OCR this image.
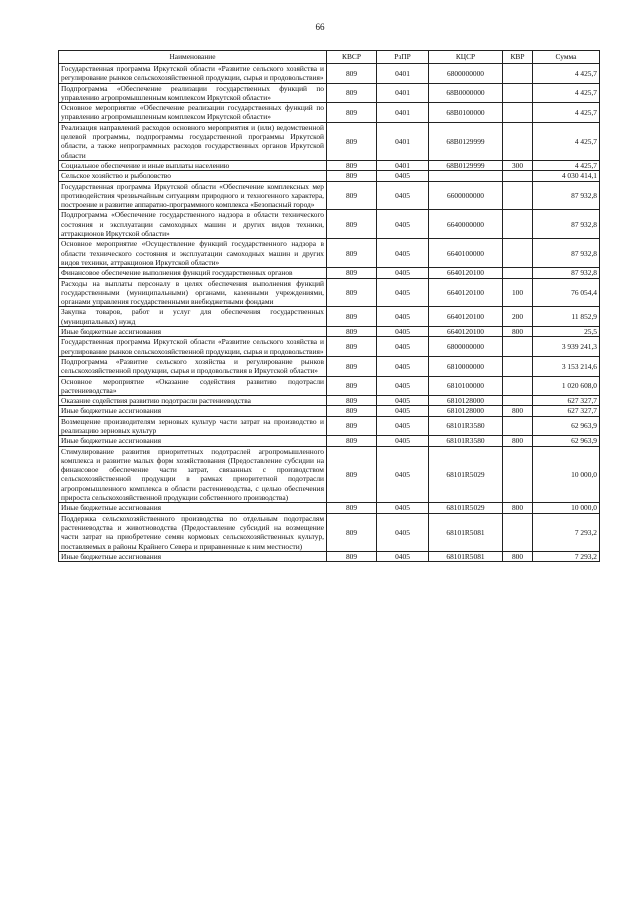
66
Наименование	КВСР	РзПР	КЦСР	КВР	Сумма
Государственная программа Иркутской области «Развитие сельского хозяйства и регулирование рынков сельскохозяйственной продукции, сырья и продовольствия»	809	0401	6800000000		4 425,7
Подпрограмма «Обеспечение реализации государственных функций по управлению агропромышленным комплексом Иркутской области»	809	0401	68B0000000		4 425,7
Основное мероприятие «Обеспечение реализации государственных функций по управлению агропромышленным комплексом Иркутской области»	809	0401	68B0100000		4 425,7
Реализация направлений расходов основного мероприятия и (или) ведомственной целевой программы, подпрограммы государственной программы Иркутской области, а также непрограммных расходов государственных органов Иркутской области	809	0401	68B0129999		4 425,7
Социальное обеспечение и иные выплаты населению	809	0401	68B0129999	300	4 425,7
Сельское хозяйство и рыболовство	809	0405			4 030 414,1
Государственная программа Иркутской области «Обеспечение комплексных мер противодействия чрезвычайным ситуациям природного и техногенного характера, построение и развитие аппаратно-программного комплекса «Безопасный город»	809	0405	6600000000		87 932,8
Подпрограмма «Обеспечение государственного надзора в области технического состояния и эксплуатации самоходных машин и других видов техники, аттракционов Иркутской области»	809	0405	6640000000		87 932,8
Основное мероприятие «Осуществление функций государственного надзора в области технического состояния и эксплуатации самоходных машин и других видов техники, аттракционов Иркутской области»	809	0405	6640100000		87 932,8
Финансовое обеспечение выполнения функций государственных органов	809	0405	6640120100		87 932,8
Расходы на выплаты персоналу в целях обеспечения выполнения функций государственными (муниципальными) органами, казенными учреждениями, органами управления государственными внебюджетными фондами	809	0405	6640120100	100	76 054,4
Закупка товаров, работ и услуг для обеспечения государственных (муниципальных) нужд	809	0405	6640120100	200	11 852,9
Иные бюджетные ассигнования	809	0405	6640120100	800	25,5
Государственная программа Иркутской области «Развитие сельского хозяйства и регулирование рынков сельскохозяйственной продукции, сырья и продовольствия»	809	0405	6800000000		3 939 241,3
Подпрограмма «Развитие сельского хозяйства и регулирование рынков сельскохозяйственной продукции, сырья и продовольствия в Иркутской области»	809	0405	6810000000		3 153 214,6
Основное мероприятие «Оказание содействия развитию подотрасли растениеводства»	809	0405	6810100000		1 020 608,0
Оказание содействия развитию подотрасли растениеводства	809	0405	6810128000		627 327,7
Иные бюджетные ассигнования	809	0405	6810128000	800	627 327,7
Возмещение производителям зерновых культур части затрат на производство и реализацию зерновых культур	809	0405	68101R3580		62 963,9
Иные бюджетные ассигнования	809	0405	68101R3580	800	62 963,9
Стимулирование развития приоритетных подотраслей агропромышленного комплекса и развитие малых форм хозяйствования (Предоставление субсидии на финансовое обеспечение части затрат, связанных с производством сельскохозяйственной продукции в рамках приоритетной подотрасли агропромышленного комплекса в области растениеводства, с целью обеспечения прироста сельскохозяйственной продукции собственного производства)	809	0405	68101R5029		10 000,0
Иные бюджетные ассигнования	809	0405	68101R5029	800	10 000,0
Поддержка сельскохозяйственного производства по отдельным подотраслям растениеводства и животноводства (Предоставление субсидий на возмещение части затрат на приобретение семян кормовых сельскохозяйственных культур, поставляемых в районы Крайнего Севера и приравненные к ним местности)	809	0405	68101R5081		7 293,2
Иные бюджетные ассигнования	809	0405	68101R5081	800	7 293,2
